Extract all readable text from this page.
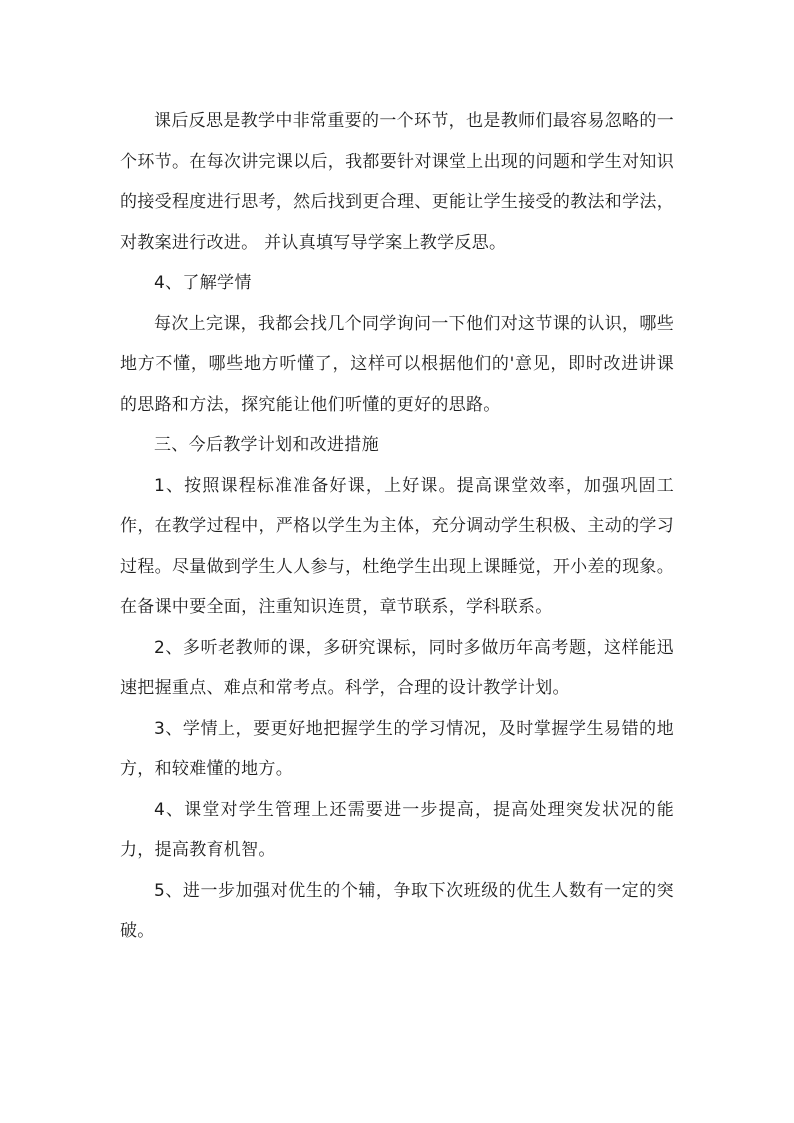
课后反思是教学中非常重要的一个环节，也是教师们最容易忽略的一个环节。在每次讲完课以后，我都要针对课堂上出现的问题和学生对知识的接受程度进行思考，然后找到更合理、更能让学生接受的教法和学法，对教案进行改进。 并认真填写导学案上教学反思。

4、了解学情

每次上完课，我都会找几个同学询问一下他们对这节课的认识，哪些地方不懂，哪些地方听懂了，这样可以根据他们的'意见，即时改进讲课的思路和方法，探究能让他们听懂的更好的思路。

三、今后教学计划和改进措施

1、按照课程标准准备好课，上好课。提高课堂效率，加强巩固工作，在教学过程中，严格以学生为主体，充分调动学生积极、主动的学习过程。尽量做到学生人人参与，杜绝学生出现上课睡觉，开小差的现象。在备课中要全面，注重知识连贯，章节联系，学科联系。

2、多听老教师的课，多研究课标，同时多做历年高考题，这样能迅速把握重点、难点和常考点。科学，合理的设计教学计划。

3、学情上，要更好地把握学生的学习情况，及时掌握学生易错的地方，和较难懂的地方。

4、课堂对学生管理上还需要进一步提高，提高处理突发状况的能力，提高教育机智。

5、进一步加强对优生的个辅，争取下次班级的优生人数有一定的突破。
